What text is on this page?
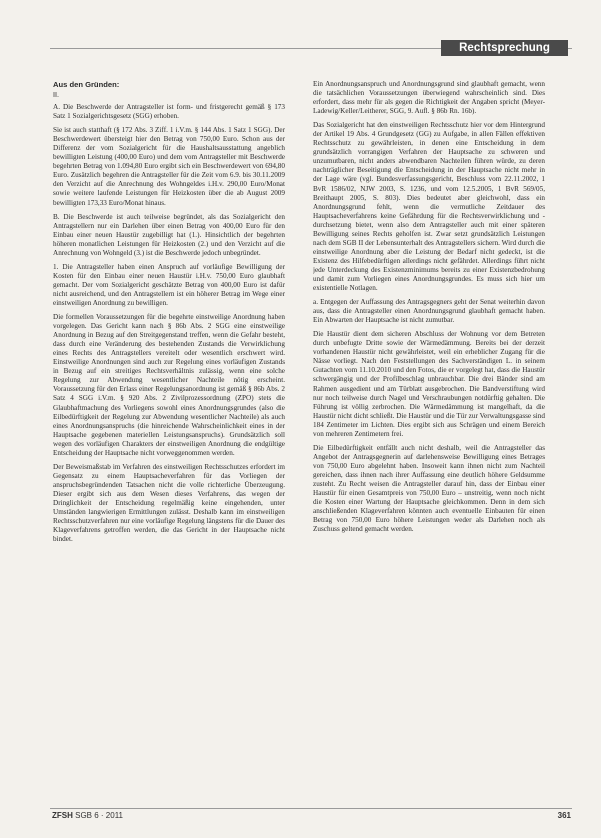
Rechtsprechung
Aus den Gründen:
II.

A. Die Beschwerde der Antragsteller ist form- und fristgerecht gemäß § 173 Satz 1 Sozialgerichtsgesetz (SGG) erhoben.

Sie ist auch statthaft (§ 172 Abs. 3 Ziff. 1 i.V.m. § 144 Abs. 1 Satz 1 SGG). Der Beschwerdewert übersteigt hier den Betrag von 750,00 Euro. Schon aus der Differenz der vom Sozialgericht für die Haushaltsausstattung angeblich bewilligten Leistung (400,00 Euro) und dem vom Antragsteller mit Beschwerde begehrten Betrag von 1.094,80 Euro ergibt sich ein Beschwerdewert von 694,80 Euro. Zusätzlich begehren die Antragsteller für die Zeit vom 6.9. bis 30.11.2009 den Verzicht auf die Anrechnung des Wohngeldes i.H.v. 290,00 Euro/Monat sowie weitere laufende Leistungen für Heizkosten über die ab August 2009 bewilligten 173,33 Euro/Monat hinaus.

B. Die Beschwerde ist auch teilweise begründet, als das Sozialgericht den Antragstellern nur ein Darlehen über einen Betrag von 400,00 Euro für den Einbau einer neuen Haustür zugebilligt hat (1.). Hinsichtlich der begehrten höheren monatlichen Leistungen für Heizkosten (2.) und den Verzicht auf die Anrechnung von Wohngeld (3.) ist die Beschwerde jedoch unbegründet.

1. Die Antragsteller haben einen Anspruch auf vorläufige Bewilligung der Kosten für den Einbau einer neuen Haustür i.H.v. 750,00 Euro glaubhaft gemacht. Der vom Sozialgericht geschätzte Betrag von 400,00 Euro ist dafür nicht ausreichend, und den Antragstellern ist ein höherer Betrag im Wege einer einstweiligen Anordnung zu bewilligen.

Die formellen Voraussetzungen für die begehrte einstweilige Anordnung haben vorgelegen. Das Gericht kann nach § 86b Abs. 2 SGG eine einstweilige Anordnung in Bezug auf den Streitgegenstand treffen, wenn die Gefahr besteht, dass durch eine Veränderung des bestehenden Zustands die Verwirklichung eines Rechts des Antragstellers vereitelt oder wesentlich erschwert wird. Einstweilige Anordnungen sind auch zur Regelung eines vorläufigen Zustands in Bezug auf ein streitiges Rechtsverhältnis zulässig, wenn eine solche Regelung zur Abwendung wesentlicher Nachteile nötig erscheint. Voraussetzung für den Erlass einer Regelungsanordnung ist gemäß § 86b Abs. 2 Satz 4 SGG i.V.m. § 920 Abs. 2 Zivilprozessordnung (ZPO) stets die Glaubhaftmachung des Vorliegens sowohl eines Anordnungsgrundes (also die Eilbedürftigkeit der Regelung zur Abwendung wesentlicher Nachteile) als auch eines Anordnungsanspruchs (die hinreichende Wahrscheinlichkeit eines in der Hauptsache gegebenen materiellen Leistungsanspruchs). Grundsätzlich soll wegen des vorläufigen Charakters der einstweiligen Anordnung die endgültige Entscheidung der Hauptsache nicht vorweggenommen werden.

Der Beweismaßstab im Verfahren des einstweiligen Rechtsschutzes erfordert im Gegensatz zu einem Hauptsacheverfahren für das Vorliegen der anspruchsbegründenden Tatsachen nicht die volle richterliche Überzeugung. Dieser ergibt sich aus dem Wesen dieses Verfahrens, das wegen der Dringlichkeit der Entscheidung regelmäßig keine eingehenden, unter Umständen langwierigen Ermittlungen zulässt. Deshalb kann im einstweiligen Rechtsschutzverfahren nur eine vorläufige Regelung längstens für die Dauer des Klageverfahrens getroffen werden, die das Gericht in der Hauptsache nicht bindet.

Ein Anordnungsanspruch und Anordnungsgrund sind glaubhaft gemacht, wenn die tatsächlichen Voraussetzungen überwiegend wahrscheinlich sind. Dies erfordert, dass mehr für als gegen die Richtigkeit der Angaben spricht (Meyer-Ladewig/Keller/Leitherer, SGG, 9. Aufl. § 86b Rn. 16b).

Das Sozialgericht hat den einstweiligen Rechtsschutz hier vor dem Hintergrund der Artikel 19 Abs. 4 Grundgesetz (GG) zu Aufgabe, in allen Fällen effektiven Rechtsschutz zu gewährleisten, in denen eine Entscheidung in dem grundsätzlich vorrangigen Verfahren der Hauptsache zu schweren und unzumutbaren, nicht anders abwendbaren Nachteilen führen würde, zu deren nachträglicher Beseitigung die Entscheidung in der Hauptsache nicht mehr in der Lage wäre (vgl. Bundesverfassungsgericht, Beschluss vom 22.11.2002, 1 BvR 1586/02, NJW 2003, S. 1236, und vom 12.5.2005, 1 BvR 569/05, Breithaupt 2005, S. 803). Dies bedeutet aber gleichwohl, dass ein Anordnungsgrund fehlt, wenn die vermutliche Zeitdauer des Hauptsacheverfahrens keine Gefährdung für die Rechtsverwirklichung und -durchsetzung bietet, wenn also dem Antragsteller auch mit einer späteren Bewilligung seines Rechts geholfen ist. Zwar setzt grundsätzlich Leistungen nach dem SGB II der Lebensunterhalt des Antragstellers sichern. Wird durch die einstweilige Anordnung aber die Leistung der Bedarf nicht gedeckt, ist die Existenz des Hilfebedürftigen allerdings nicht gefährdet. Allerdings führt nicht jede Unterdeckung des Existenzminimums bereits zu einer Existenzbedrohung und damit zum Vorliegen eines Anordnungsgrundes. Es muss sich hier um existentielle Notlagen.

a. Entgegen der Auffassung des Antragsgegners geht der Senat weiterhin davon aus, dass die Antragsteller einen Anordnungsgrund glaubhaft gemacht haben. Ein Abwarten der Hauptsache ist nicht zumutbar.

Die Haustür dient dem sicheren Abschluss der Wohnung vor dem Betreten durch unbefugte Dritte sowie der Wärmedämmung. Bereits bei der derzeit vorhandenen Haustür nicht gewährleistet, weil ein erheblicher Zugang für die Nässe vorliegt. Nach den Feststellungen des Sachverständigen L. in seinem Gutachten vom 11.10.2010 und den Fotos, die er vorgelegt hat, dass die Haustür schwergängig und der Profilbeschlag unbrauchbar. Die drei Bänder sind am Rahmen ausgedient und am Türblatt ausgebrochen. Die Bandverstiftung wird nur noch teilweise durch Nagel und Verschraubungen notdürftig gehalten. Die Führung ist völlig zerbrochen. Die Wärmedämmung ist mangelhaft, da die Haustür nicht dicht schließt. Die Haustür und die Tür zur Verwaltungsgasse sind 184 Zentimeter im Lichten. Dies ergibt sich aus Schrägen und einem Bereich von mehreren Zentimetern frei.

Die Eilbedürftigkeit entfällt auch nicht deshalb, weil die Antragsteller das Angebot der Antragsgegnerin auf darlehensweise Bewilligung eines Betrages von 750,00 Euro abgelehnt haben. Insoweit kann ihnen nicht zum Nachteil gereichen, dass ihnen nach ihrer Auffassung eine deutlich höhere Geldsumme zusteht. Zu Recht weisen die Antragsteller darauf hin, dass der Einbau einer Haustür für einen Gesamtpreis von 750,00 Euro – unstreitig, wenn noch nicht die Kosten einer Wartung der Hauptsache gleichkommen. Denn in dem sich anschließenden Klageverfahren könnten auch eventuelle Einbauten für einen Betrag von 750,00 Euro höhere Leistungen weder als Darlehen noch als Zuschuss geltend gemacht werden.

ZFSH SGB 6 · 2011	361
